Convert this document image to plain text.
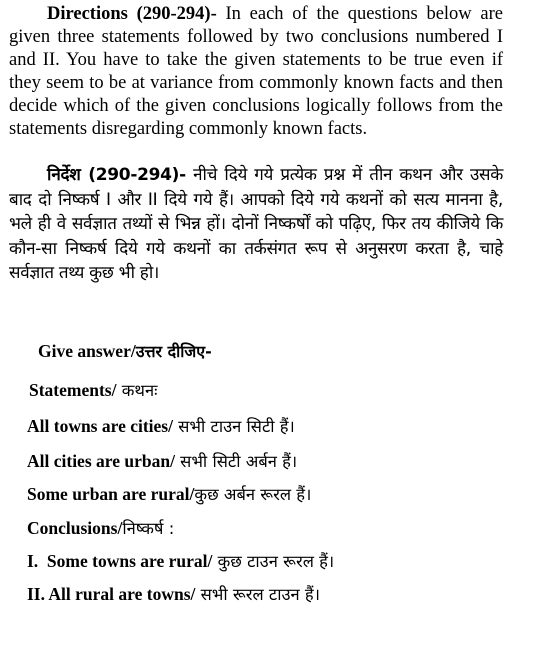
Directions (290-294)- In each of the questions below are given three statements followed by two conclusions numbered I and II. You have to take the given statements to be true even if they seem to be at variance from commonly known facts and then decide which of the given conclusions logically follows from the statements disregarding commonly known facts.

निर्देश (290-294)- नीचे दिये गये प्रत्येक प्रश्न में तीन कथन और उसके बाद दो निष्कर्ष I और II दिये गये हैं। आपको दिये गये कथनों को सत्य मानना है, भले ही वे सर्वज्ञात तथ्यों से भिन्न हों। दोनों निष्कर्षों को पढ़िए, फिर तय कीजिये कि कौन-सा निष्कर्ष दिये गये कथनों का तर्कसंगत रूप से अनुसरण करता है, चाहे सर्वज्ञात तथ्य कुछ भी हो।

Give answer/उत्तर दीजिए-
Statements/ कथनः
All towns are cities/ सभी टाउन सिटी हैं।
All cities are urban/ सभी सिटी अर्बन हैं।
Some urban are rural/कुछ अर्बन रूरल हैं।
Conclusions/निष्कर्ष :
I.  Some towns are rural/ कुछ टाउन रूरल हैं।
II. All rural are towns/ सभी रूरल टाउन हैं।
